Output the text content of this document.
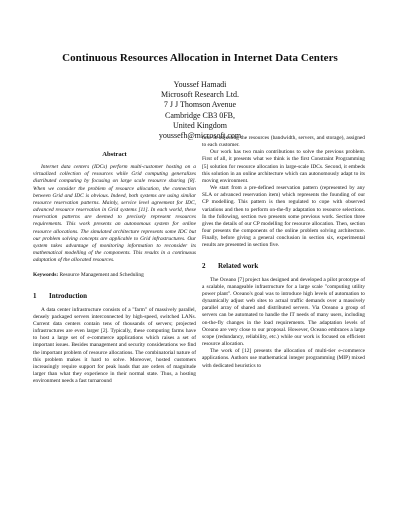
Continuous Resources Allocation in Internet Data Centers
Youssef Hamadi
Microsoft Research Ltd.
7 J J Thomson Avenue
Cambridge CB3 0FB,
United Kingdom
youssefh@microsoft.com
Abstract

Internet data centers (IDCs) perform multi-customer hosting on a virtualized collection of resources while Grid computing generalizes distributed computing by focusing on large scale resource sharing [8]. When we consider the problem of resource allocation, the connection between Grid and IDC is obvious. Indeed, both systems are using similar resource reservation patterns. Mainly, service level agreement for IDC, advanced resource reservation in Grid systems [11]. In each world, these reservation patterns are deemed to precisely represent resources requirements. This work presents an autonomous system for online resource allocations. The simulated architecture represents some IDC but our problem solving concepts are applicable to Grid infrastructures. Our system takes advantage of monitoring information to reconsider its mathematical modelling of the components. This results in a continuous adaptation of the allocated resources.

Keywords: Resource Management and Scheduling
1 Introduction

A data center infrastructure consists of a "farm" of massively parallel, densely packaged servers interconnected by high-speed, switched LANs. Current data centers contain tens of thousands of servers; projected infrastructures are even larger [2]. Typically, these computing farms have to host a large set of e-commerce applications which raises a set of important issues. Besides management and security considerations we find the important problem of resource allocations. The combinatorial nature of this problem makes it hard to solve. Moreover, hosted customers increasingly require support for peak loads that are orders of magnitude larger than what they experience in their normal state. Thus, a hosting environment needs a fast turnaround

time in adjusting the resources (bandwidth, servers, and storage), assigned to each customer.

Our work has two main contributions to solve the previous problem. First of all, it presents what we think is the first Constraint Programming [5] solution for resource allocation in large-scale IDCs. Second, it embeds this solution in an online architecture which can autonomously adapt to its moving environment.

We start from a pre-defined reservation pattern (represented by any SLA or advanced reservation item) which represents the founding of our CP modelling. This pattern is then regulated to cope with observed variations and then to perform on-the-fly adaptation to resource selections. In the following, section two presents some previous work. Section three gives the details of our CP modelling for resource allocation. Then, section four presents the components of the online problem solving architecture. Finally, before giving a general conclusion in section six, experimental results are presented in section five.

2 Related work

The Oceano [7] project has designed and developed a pilot prototype of a scalable, manageable infrastructure for a large scale "computing utility power plant". Oceano's goal was to introduce high levels of automation to dynamically adjust web sites to actual traffic demands over a massively parallel array of shared and distributed servers. Via Oceano a group of servers can be automated to handle the IT needs of many users, including on-the-fly changes in the load requirements. The adaptation levels of Oceano are very close to our proposal. However, Oceano embraces a large scope (redundancy, reliability, etc.) while our work is focused on efficient resource allocation.

The work of [12] presents the allocation of multi-tier e-commerce applications. Authors use mathematical integer programming (MIP) mixed with dedicated heuristics to
